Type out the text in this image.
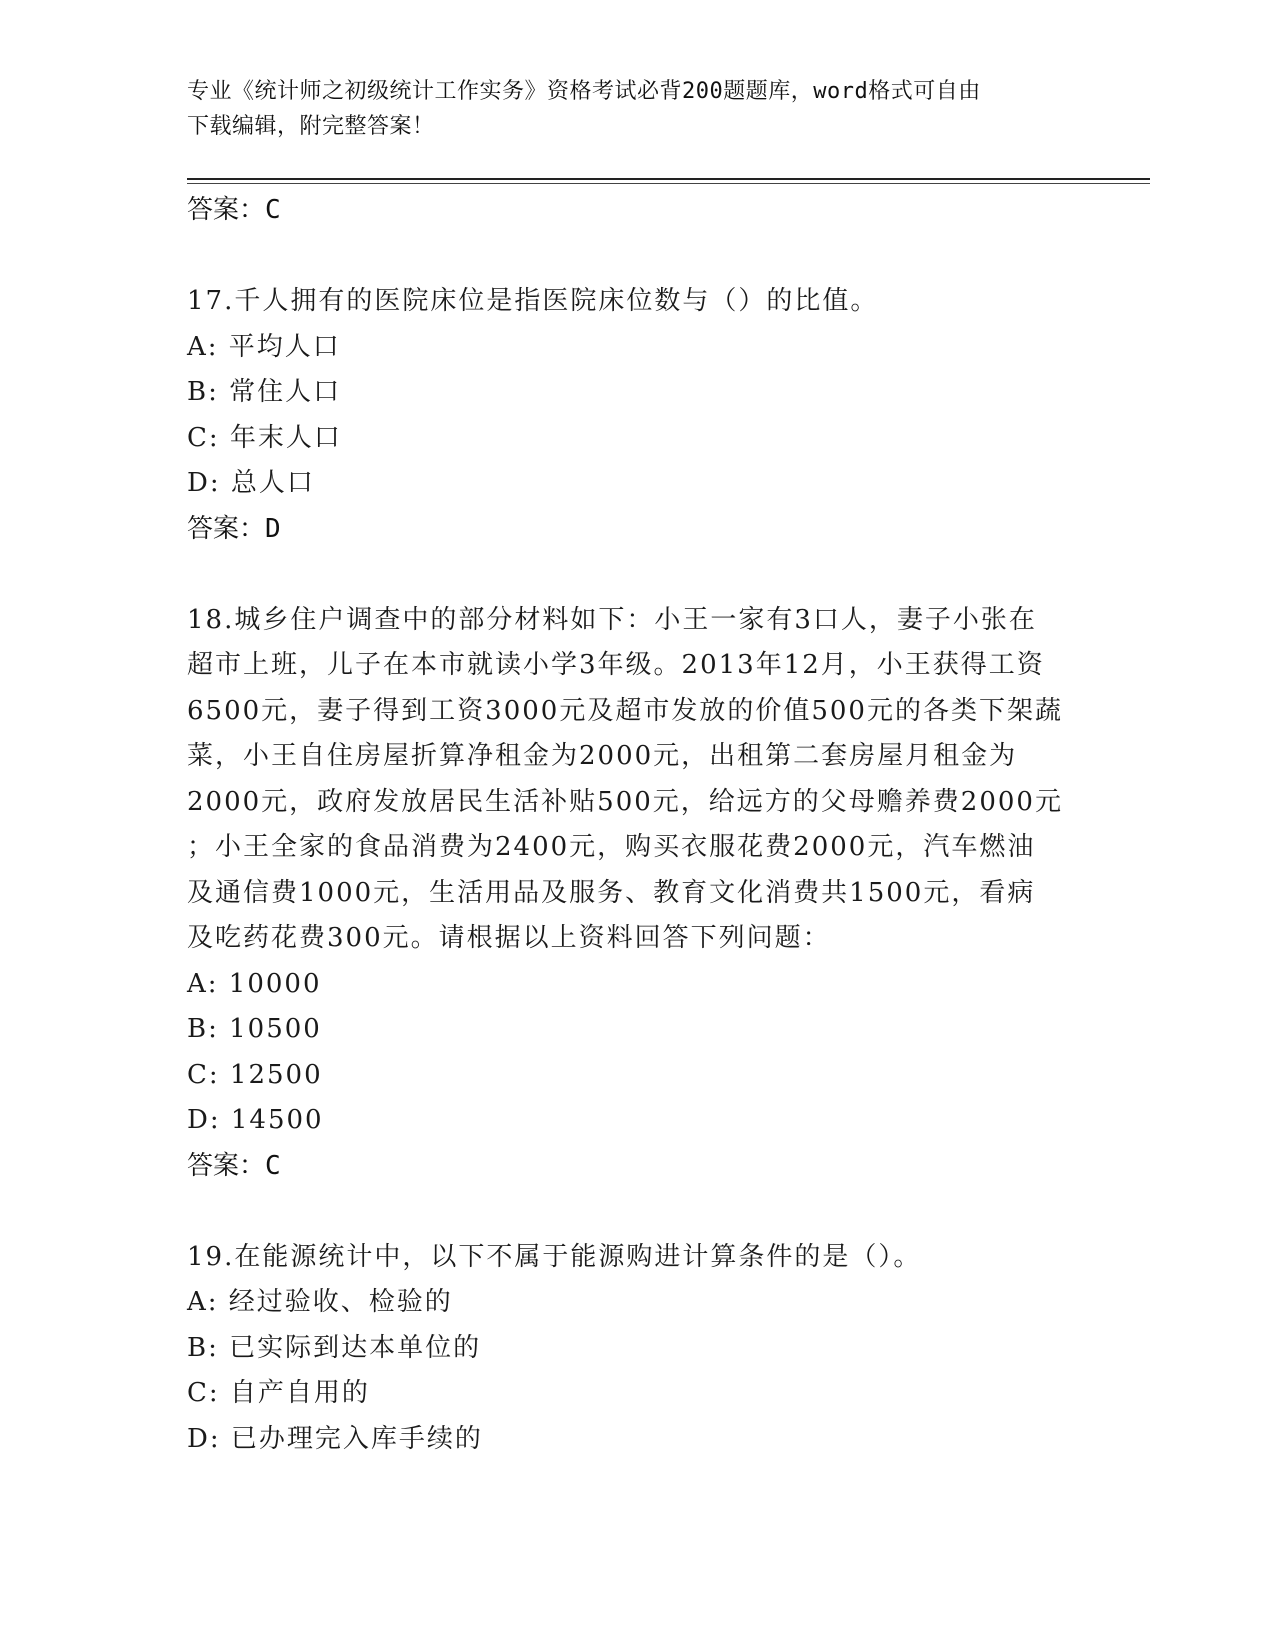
专业《统计师之初级统计工作实务》资格考试必背200题题库，word格式可自由
下载编辑，附完整答案！
答案：C
17.千人拥有的医院床位是指医院床位数与（）的比值。
A: 平均人口
B: 常住人口
C: 年末人口
D: 总人口
答案：D
18.城乡住户调查中的部分材料如下：小王一家有3口人，妻子小张在
超市上班，儿子在本市就读小学3年级。2013年12月，小王获得工资
6500元，妻子得到工资3000元及超市发放的价值500元的各类下架蔬
菜，小王自住房屋折算净租金为2000元，出租第二套房屋月租金为
2000元，政府发放居民生活补贴500元，给远方的父母赡养费2000元
；小王全家的食品消费为2400元，购买衣服花费2000元，汽车燃油
及通信费1000元，生活用品及服务、教育文化消费共1500元，看病
及吃药花费300元。请根据以上资料回答下列问题：
A: 10000
B: 10500
C: 12500
D: 14500
答案：C
19.在能源统计中，以下不属于能源购进计算条件的是（）。
A: 经过验收、检验的
B: 已实际到达本单位的
C: 自产自用的
D: 已办理完入库手续的
